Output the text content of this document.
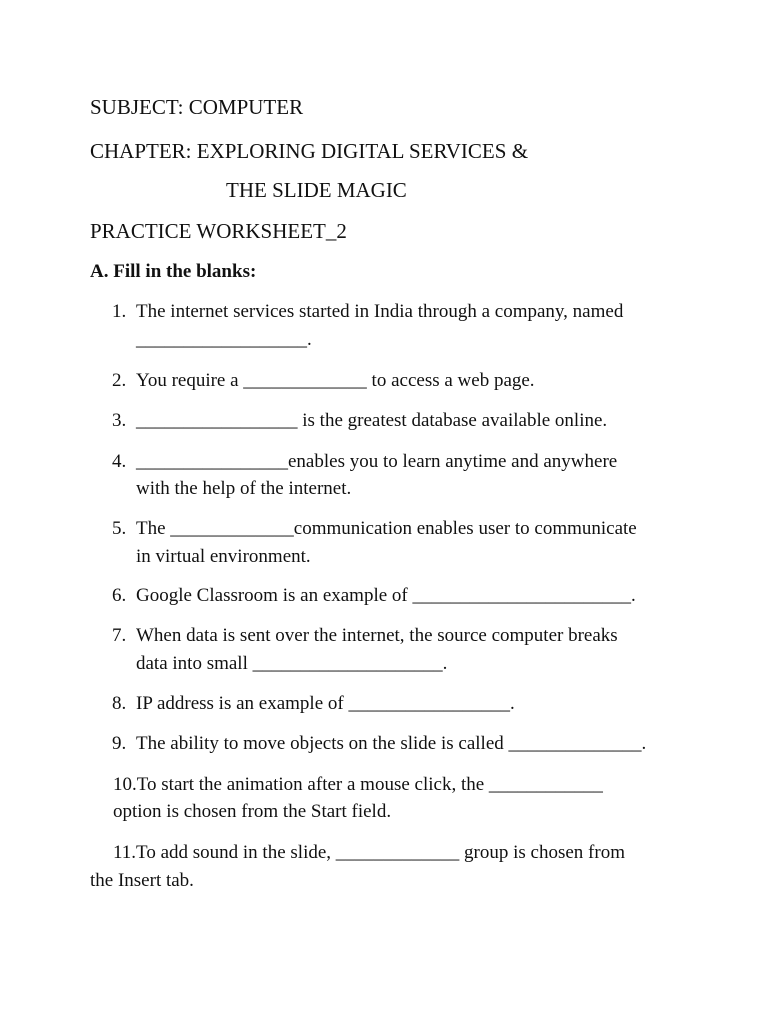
SUBJECT: COMPUTER
CHAPTER: EXPLORING DIGITAL SERVICES &
THE SLIDE MAGIC
PRACTICE WORKSHEET_2
A. Fill in the blanks:
1. The internet services started in India through a company, named
__________________.
2. You require a _____________ to access a web page.
3. _________________ is the greatest database available online.
4. ________________enables you to learn anytime and anywhere
with the help of the internet.
5. The _____________communication enables user to communicate
in virtual environment.
6. Google Classroom is an example of _______________________.
7. When data is sent over the internet, the source computer breaks
data into small ____________________.
8. IP address is an example of _________________.
9. The ability to move objects on the slide is called ______________.
10.To start the animation after a mouse click, the ____________
option is chosen from the Start field.
11.To add sound in the slide, _____________ group is chosen from
the Insert tab.
